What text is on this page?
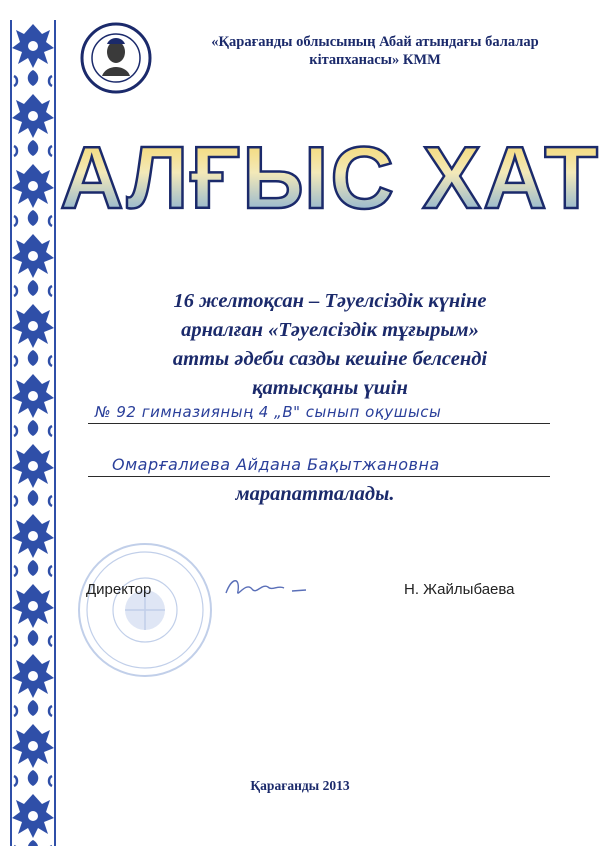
«Қарағанды облысының Абай атындағы балалар
кітапханасы» КММ
АЛҒЫС ХАТ
16 желтоқсан – Тәуелсіздік күніне
арналған «Тәуелсіздік тұғырым»
атты әдеби сазды кешіне белсенді
қатысқаны үшін
№ 92 гимназияның 4 „В" сынып оқушысы
Омарғалиева Айдана Бақытжановна
марапатталады.
Директор	Н. Жайлыбаева
Қарағанды 2013
